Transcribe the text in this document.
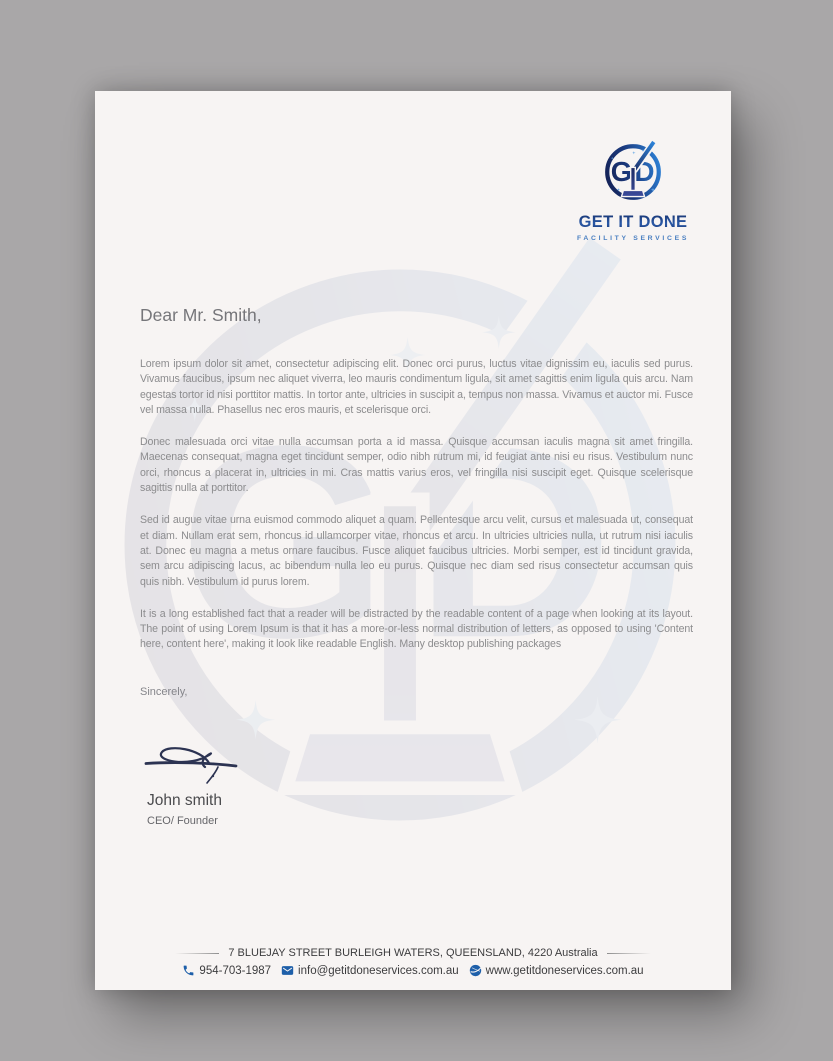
GET IT DONE
FACILITY SERVICES
Dear Mr. Smith,

Lorem ipsum dolor sit amet, consectetur adipiscing elit. Donec orci purus, luctus vitae dignissim eu, iaculis sed purus. Vivamus faucibus, ipsum nec aliquet viverra, leo mauris condimentum ligula, sit amet sagittis enim ligula quis arcu. Nam egestas tortor id nisi porttitor mattis. In tortor ante, ultricies in suscipit a, tempus non massa. Vivamus et auctor mi. Fusce vel massa nulla. Phasellus nec eros mauris, et scelerisque orci.

Donec malesuada orci vitae nulla accumsan porta a id massa. Quisque accumsan iaculis magna sit amet fringilla. Maecenas consequat, magna eget tincidunt semper, odio nibh rutrum mi, id feugiat ante nisi eu risus. Vestibulum nunc orci, rhoncus a placerat in, ultricies in mi. Cras mattis varius eros, vel fringilla nisi suscipit eget. Quisque scelerisque sagittis nulla at porttitor.

Sed id augue vitae urna euismod commodo aliquet a quam. Pellentesque arcu velit, cursus et malesuada ut, consequat et diam. Nullam erat sem, rhoncus id ullamcorper vitae, rhoncus et arcu. In ultricies ultricies nulla, ut rutrum nisi iaculis at. Donec eu magna a metus ornare faucibus. Fusce aliquet faucibus ultricies. Morbi semper, est id tincidunt gravida, sem arcu adipiscing lacus, ac bibendum nulla leo eu purus. Quisque nec diam sed risus consectetur accumsan quis quis nibh. Vestibulum id purus lorem.

It is a long established fact that a reader will be distracted by the readable content of a page when looking at its layout. The point of using Lorem Ipsum is that it has a more-or-less normal distribution of letters, as opposed to using 'Content here, content here', making it look like readable English. Many desktop publishing packages

Sincerely,
John smith
CEO/ Founder
7 BLUEJAY STREET BURLEIGH WATERS, QUEENSLAND, 4220 Australia
954-703-1987 info@getitdoneservices.com.au www.getitdoneservices.com.au
